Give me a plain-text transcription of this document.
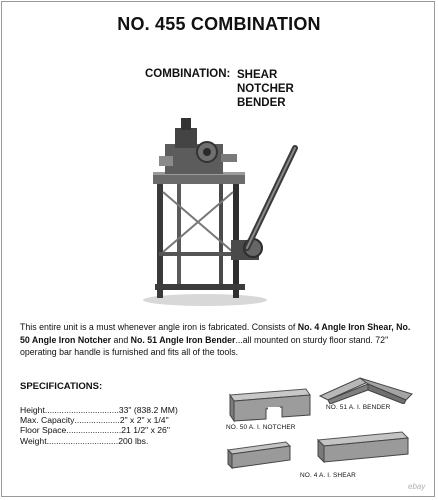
NO. 455 COMBINATION
COMBINATION: SHEAR
NOTCHER
BENDER
This entire unit is a must whenever angle iron is fabricated. Consists of No. 4 Angle Iron Shear, No. 50 Angle Iron Notcher and No. 51 Angle Iron Bender...all mounted on sturdy floor stand. 72" operating bar handle is furnished and fits all of the tools.
SPECIFICATIONS:
Height ............................... 33" (838.2 MM)
Max. Capacity ................... 2" x 2" x 1/4"
Floor Space ....................... 21 1/2" x 26"
Weight .............................. 200 lbs.
NO. 50 A. I. NOTCHER
NO. 51 A. I. BENDER
NO. 4 A. I. SHEAR
ebay
